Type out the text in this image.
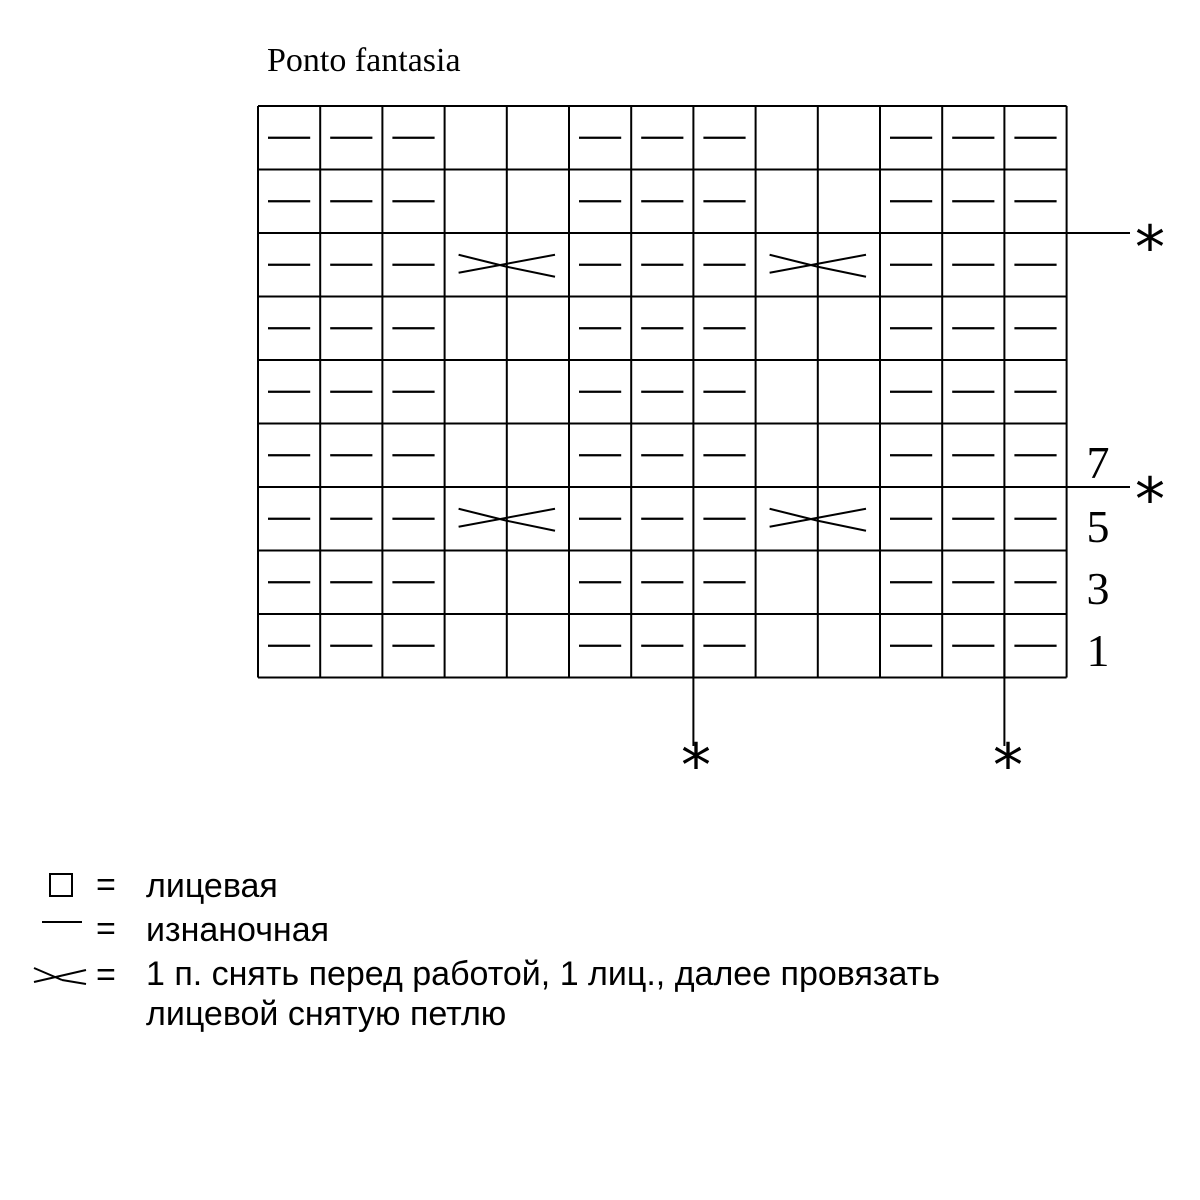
Ponto fantasia
7
5
3
1
*
*
*	*
= лицевая
= изнаночная
= 1 п. снять перед работой, 1 лиц., далее провязать
лицевой снятую петлю
